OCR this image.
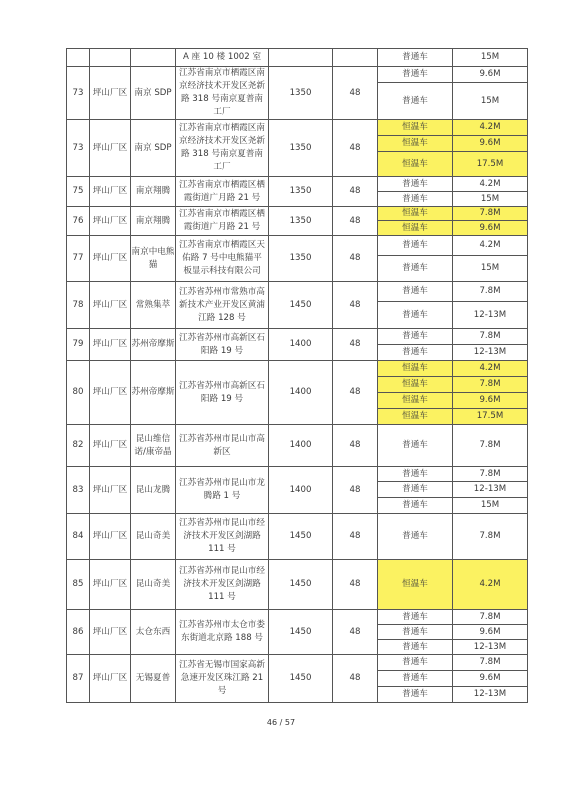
			A 座 10 楼 1002 室			普通车	15M
73	坪山厂区	南京 SDP	江苏省南京市栖霞区南京经济技术开发区尧新路 318 号南京夏普南工厂	1350	48	普通车	9.6M
						普通车	15M

73	坪山厂区	南京 SDP	江苏省南京市栖霞区南京经济技术开发区尧新路 318 号南京夏普南工厂	1350	48	恒温车	4.2M
						恒温车	9.6M
						恒温车	17.5M
75	坪山厂区	南京翔腾	江苏省南京市栖霞区栖霞街道广月路 21 号	1350	48	普通车	4.2M
						普通车	15M
76	坪山厂区	南京翔腾	江苏省南京市栖霞区栖霞街道广月路 21 号	1350	48	恒温车	7.8M
						恒温车	9.6M
77	坪山厂区	南京中电熊猫	江苏省南京市栖霞区天佑路 7 号中电熊猫平板显示科技有限公司	1350	48	普通车	4.2M
						普通车	15M
78	坪山厂区	常熟集萃	江苏省苏州市常熟市高新技术产业开发区黄浦江路 128 号	1450	48	普通车	7.8M
						普通车	12-13M
79	坪山厂区	苏州帝摩斯	江苏省苏州市高新区石阳路 19 号	1400	48	普通车	7.8M
						普通车	12-13M
80	坪山厂区	苏州帝摩斯	江苏省苏州市高新区石阳路 19 号	1400	48	恒温车	4.2M
						恒温车	7.8M
						恒温车	9.6M
						恒温车	17.5M
82	坪山厂区	昆山维信诺/康帝晶	江苏省苏州市昆山市高新区	1400	48	普通车	7.8M
83	坪山厂区	昆山龙腾	江苏省苏州市昆山市龙腾路 1 号	1400	48	普通车	7.8M
						普通车	12-13M
						普通车	15M
84	坪山厂区	昆山奇美	江苏省苏州市昆山市经济技术开发区剑湖路 111 号	1450	48	普通车	7.8M
85	坪山厂区	昆山奇美	江苏省苏州市昆山市经济技术开发区剑湖路 111 号	1450	48	恒温车	4.2M
86	坪山厂区	太仓东西	江苏省苏州市太仓市娄东街道北京路 188 号	1450	48	普通车	7.8M
						普通车	9.6M
						普通车	12-13M
87	坪山厂区	无锡夏普	江苏省无锡市国家高新急速开发区珠江路 21 号	1450	48	普通车	7.8M
						普通车	9.6M
						普通车	12-13M
46 / 57
